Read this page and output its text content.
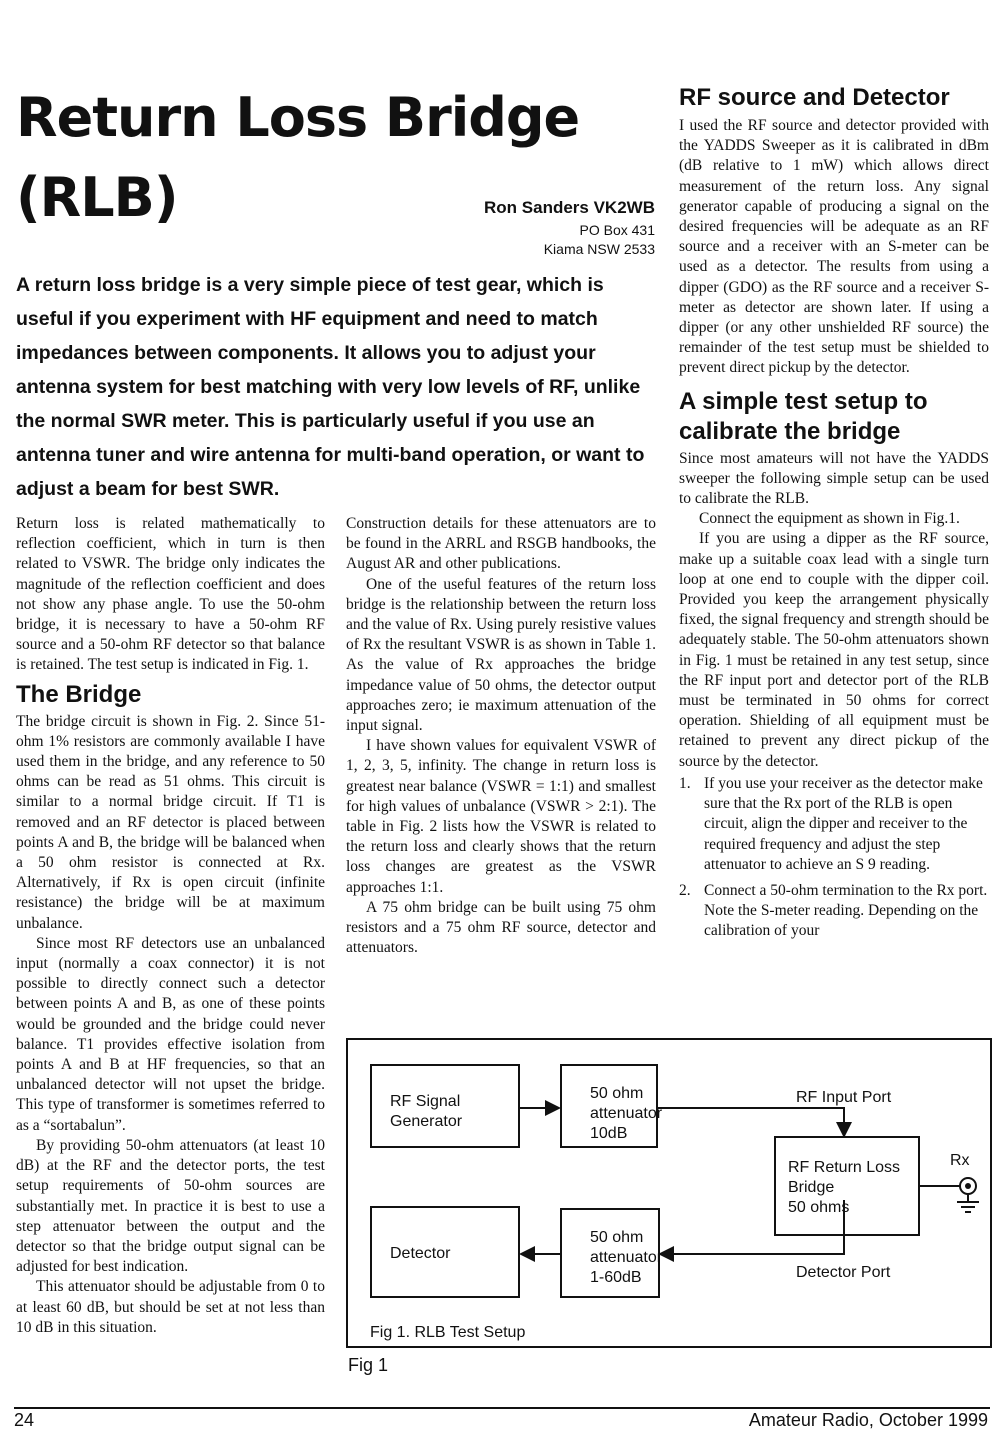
Return Loss Bridge
(RLB)	Ron Sanders VK2WB
PO Box 431
Kiama NSW 2533
A return loss bridge is a very simple piece of test gear, which is useful if you experiment with HF equipment and need to match impedances between components. It allows you to adjust your antenna system for best matching with very low levels of RF, unlike the normal SWR meter. This is particularly useful if you use an antenna tuner and wire antenna for multi-band operation, or want to adjust a beam for best SWR.

Return loss is related mathematically to reflection coefficient, which in turn is then related to VSWR. The bridge only indicates the magnitude of the reflection coefficient and does not show any phase angle. To use the 50-ohm bridge, it is necessary to have a 50-ohm RF source and a 50-ohm RF detector so that balance is retained. The test setup is indicated in Fig. 1.

The Bridge

The bridge circuit is shown in Fig. 2. Since 51-ohm 1% resistors are commonly available I have used them in the bridge, and any reference to 50 ohms can be read as 51 ohms. This circuit is similar to a normal bridge circuit. If T1 is removed and an RF detector is placed between points A and B, the bridge will be balanced when a 50 ohm resistor is connected at Rx. Alternatively, if Rx is open circuit (infinite resistance) the bridge will be at maximum unbalance.

Since most RF detectors use an unbalanced input (normally a coax connector) it is not possible to directly connect such a detector between points A and B, as one of these points would be grounded and the bridge could never balance. T1 provides effective isolation from points A and B at HF frequencies, so that an unbalanced detector will not upset the bridge. This type of transformer is sometimes referred to as a “sortabalun”.

By providing 50-ohm attenuators (at least 10 dB) at the RF and the detector ports, the test setup requirements of 50-ohm sources are substantially met. In practice it is best to use a step attenuator between the output and the detector so that the bridge output signal can be adjusted for best indication.

This attenuator should be adjustable from 0 to at least 60 dB, but should be set at not less than 10 dB in this situation.

Construction details for these attenuators are to be found in the ARRL and RSGB handbooks, the August AR and other publications.

One of the useful features of the return loss bridge is the relationship between the return loss and the value of Rx. Using purely resistive values of Rx the resultant VSWR is as shown in Table 1. As the value of Rx approaches the bridge impedance value of 50 ohms, the detector output approaches zero; ie maximum attenuation of the input signal.

I have shown values for equivalent VSWR of 1, 2, 3, 5, infinity. The change in return loss is greatest near balance (VSWR = 1:1) and smallest for high values of unbalance (VSWR > 2:1). The table in Fig. 2 lists how the VSWR is related to the return loss and clearly shows that the return loss changes are greatest as the VSWR approaches 1:1.

A 75 ohm bridge can be built using 75 ohm resistors and a 75 ohm RF source, detector and attenuators.

RF source and Detector

I used the RF source and detector provided with the YADDS Sweeper as it is calibrated in dBm (dB relative to 1 mW) which allows direct measurement of the return loss. Any signal generator capable of producing a signal on the desired frequencies will be adequate as an RF source and a receiver with an S-meter can be used as a detector. The results from using a dipper (GDO) as the RF source and a receiver S-meter as detector are shown later. If using a dipper (or any other unshielded RF source) the remainder of the test setup must be shielded to prevent direct pickup by the detector.

A simple test setup to calibrate the bridge

Since most amateurs will not have the YADDS sweeper the following simple setup can be used to calibrate the RLB.

Connect the equipment as shown in Fig.1.

If you are using a dipper as the RF source, make up a suitable coax lead with a single turn loop at one end to couple with the dipper coil. Provided you keep the arrangement physically fixed, the signal frequency and strength should be adequately stable. The 50-ohm attenuators shown in Fig. 1 must be retained in any test setup, since the RF input port and detector port of the RLB must be terminated in 50 ohms for correct operation. Shielding of all equipment must be retained to prevent any direct pickup of the source by the detector.

1. If you use your receiver as the detector make sure that the Rx port of the RLB is open circuit, align the dipper and receiver to the required frequency and adjust the step attenuator to achieve an S 9 reading.
2. Connect a 50-ohm termination to the Rx port. Note the S-meter reading. Depending on the calibration of your
RF Signal
Generator
50 ohm
attenuator
10dB
RF Return Loss
Bridge
50 ohms
Detector
50 ohm
attenuator
1-60dB
RF Input Port
Detector Port
Rx
Fig 1. RLB Test Setup
Fig 1
24	Amateur Radio, October 1999
